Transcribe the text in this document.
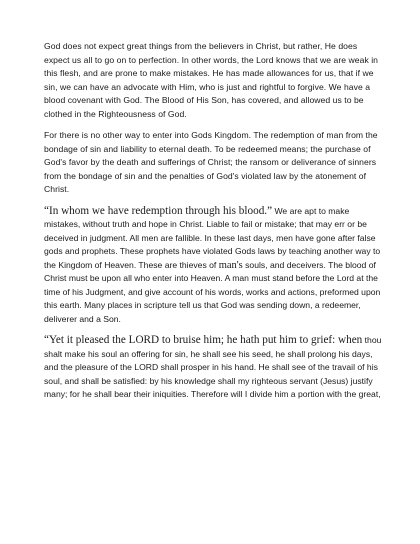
God does not expect great things from the believers in Christ, but rather, He does expect us all to go on to perfection. In other words, the Lord knows that we are weak in this flesh, and are prone to make mistakes. He has made allowances for us, that if we sin, we can have an advocate with Him, who is just and rightful to forgive. We have a blood covenant with God. The Blood of His Son, has covered, and allowed us to be clothed in the Righteousness of God.

For there is no other way to enter into Gods Kingdom. The redemption of man from the bondage of sin and liability to eternal death. To be redeemed means; the purchase of God's favor by the death and sufferings of Christ; the ransom or deliverance of sinners from the bondage of sin and the penalties of God's violated law by the atonement of Christ.

“In whom we have redemption through his blood.” We are apt to make mistakes, without truth and hope in Christ. Liable to fail or mistake; that may err or be deceived in judgment. All men are fallible. In these last days, men have gone after false gods and prophets. These prophets have violated Gods laws by teaching another way to the Kingdom of Heaven. These are thieves of man's souls, and deceivers. The blood of Christ must be upon all who enter into Heaven. A man must stand before the Lord at the time of his Judgment, and give account of his words, works and actions, preformed upon this earth. Many places in scripture tell us that God was sending down, a redeemer, deliverer and a Son.

“Yet it pleased the LORD to bruise him; he hath put him to grief: when thou shalt make his soul an offering for sin, he shall see his seed, he shall prolong his days, and the pleasure of the LORD shall prosper in his hand. He shall see of the travail of his soul, and shall be satisfied: by his knowledge shall my righteous servant (Jesus) justify many; for he shall bear their iniquities. Therefore will I divide him a portion with the great,
